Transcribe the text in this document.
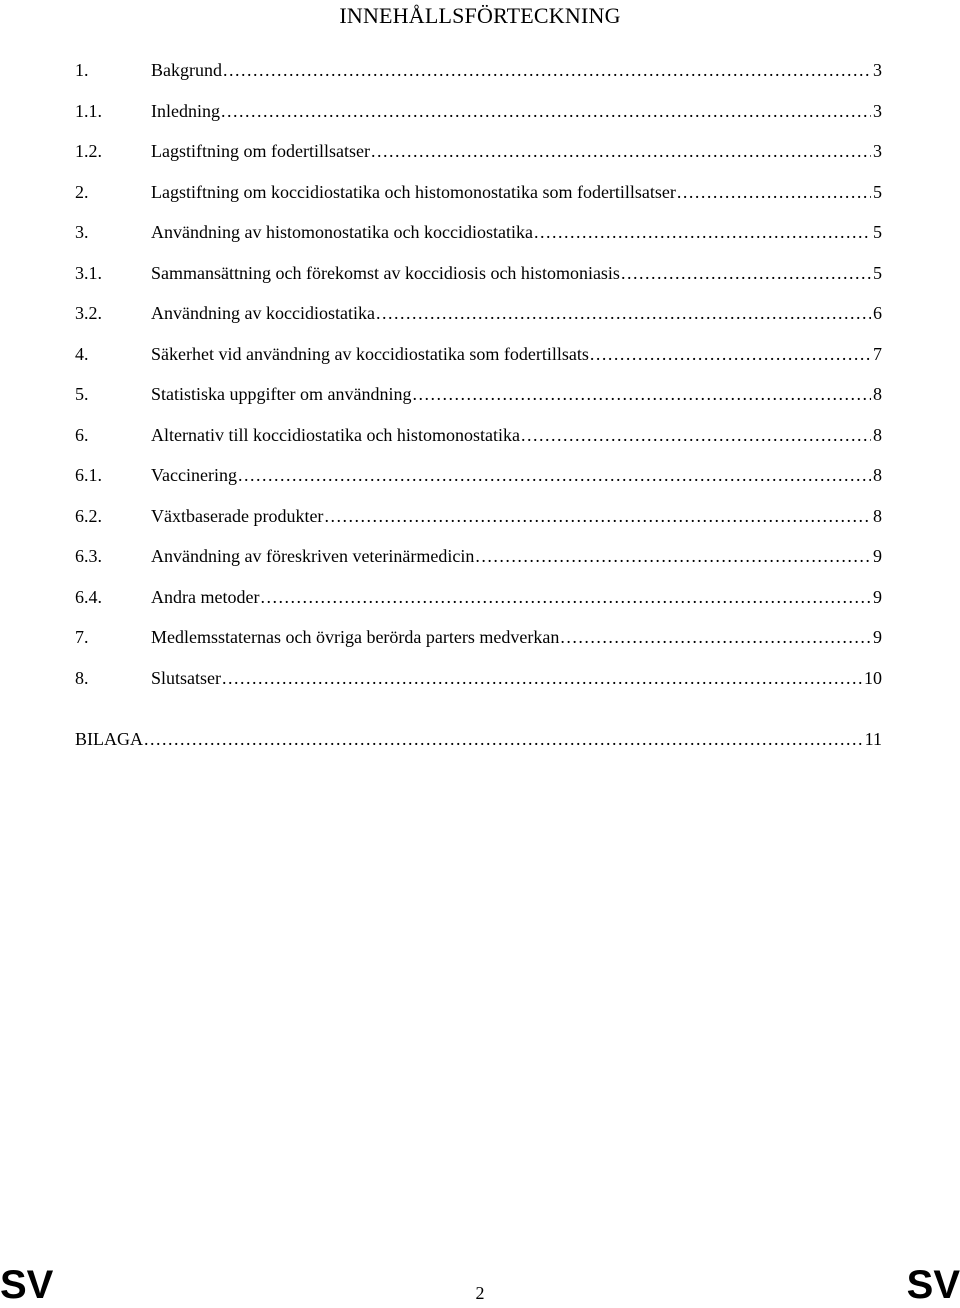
INNEHÅLLSFÖRTECKNING
1.	Bakgrund . . .	3
1.1.	Inledning . . .	3
1.2.	Lagstiftning om fodertillsatser . . .	3
2.	Lagstiftning om koccidiostatika och histomonostatika som fodertillsatser . . .	5
3.	Användning av histomonostatika och koccidiostatika . . .	5
3.1.	Sammansättning och förekomst av koccidiosis och histomoniasis . . .	5
3.2.	Användning av koccidiostatika . . .	6
4.	Säkerhet vid användning av koccidiostatika som fodertillsats . . .	7
5.	Statistiska uppgifter om användning . . .	8
6.	Alternativ till koccidiostatika och histomonostatika . . .	8
6.1.	Vaccinering . . .	8
6.2.	Växtbaserade produkter . . .	8
6.3.	Användning av föreskriven veterinärmedicin . . .	9
6.4.	Andra metoder . . .	9
7.	Medlemsstaternas och övriga berörda parters medverkan . . .	9
8.	Slutsatser . . .	10
BILAGA . . .	11
SV	2	SV
